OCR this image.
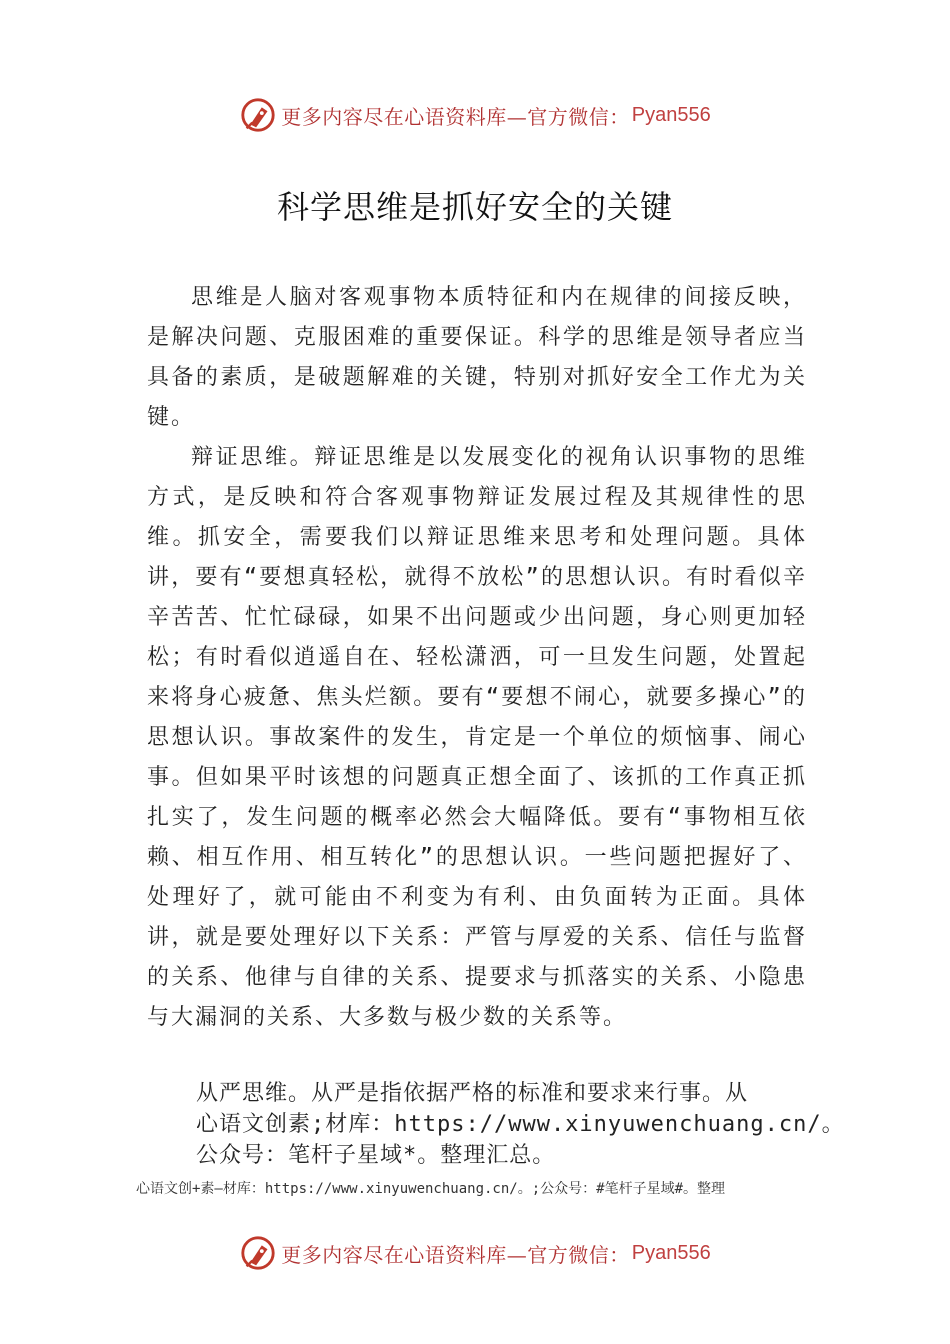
更多内容尽在心语资料库—官方微信： Pyan556
科学思维是抓好安全的关键

思维是人脑对客观事物本质特征和内在规律的间接反映，是解决问题、克服困难的重要保证。科学的思维是领导者应当具备的素质，是破题解难的关键，特别对抓好安全工作尤为关键。

辩证思维。辩证思维是以发展变化的视角认识事物的思维方式，是反映和符合客观事物辩证发展过程及其规律性的思维。抓安全，需要我们以辩证思维来思考和处理问题。具体讲，要有“要想真轻松，就得不放松”的思想认识。有时看似辛辛苦苦、忙忙碌碌，如果不出问题或少出问题，身心则更加轻松；有时看似逍遥自在、轻松潇洒，可一旦发生问题，处置起来将身心疲惫、焦头烂额。要有“要想不闹心，就要多操心”的思想认识。事故案件的发生，肯定是一个单位的烦恼事、闹心事。但如果平时该想的问题真正想全面了、该抓的工作真正抓扎实了，发生问题的概率必然会大幅降低。要有“事物相互依赖、相互作用、相互转化”的思想认识。一些问题把握好了、处理好了，就可能由不利变为有利、由负面转为正面。具体讲，就是要处理好以下关系：严管与厚爱的关系、信任与监督的关系、他律与自律的关系、提要求与抓落实的关系、小隐患与大漏洞的关系、大多数与极少数的关系等。

从严思维。从严是指依据严格的标准和要求来行事。从
心语文创素;材库：https://www.xinyuwenchuang.cn/。
公众号：笔杆子星域*。整理汇总。
心语文创+素—材库：https://www.xinyuwenchuang.cn/。;公众号：#笔杆子星域#。整理
更多内容尽在心语资料库—官方微信： Pyan556
